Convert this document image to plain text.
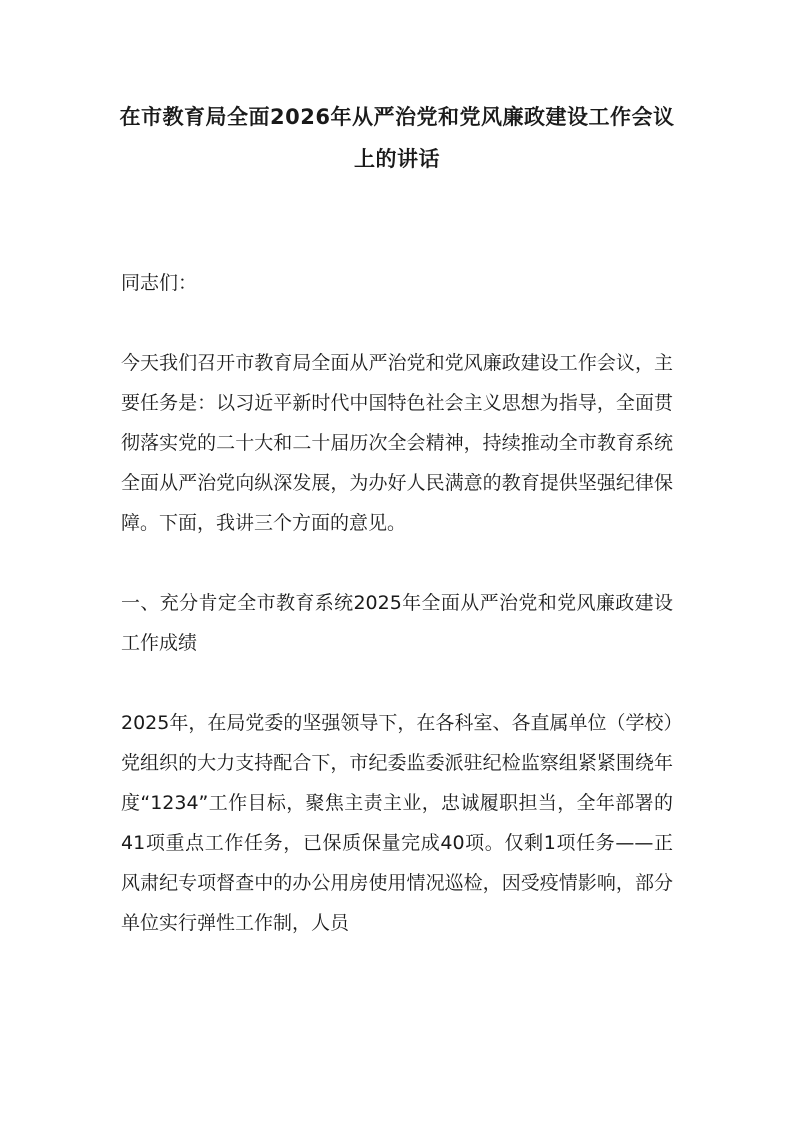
在市教育局全面2026年从严治党和党风廉政建设工作会议上的讲话

同志们：

今天我们召开市教育局全面从严治党和党风廉政建设工作会议，主要任务是：以习近平新时代中国特色社会主义思想为指导，全面贯彻落实党的二十大和二十届历次全会精神，持续推动全市教育系统全面从严治党向纵深发展，为办好人民满意的教育提供坚强纪律保障。下面，我讲三个方面的意见。

一、充分肯定全市教育系统2025年全面从严治党和党风廉政建设工作成绩

2025年，在局党委的坚强领导下，在各科室、各直属单位（学校）党组织的大力支持配合下，市纪委监委派驻纪检监察组紧紧围绕年度“1234”工作目标，聚焦主责主业，忠诚履职担当，全年部署的41项重点工作任务，已保质保量完成40项。仅剩1项任务——正风肃纪专项督查中的办公用房使用情况巡检，因受疫情影响，部分单位实行弹性工作制，人员
